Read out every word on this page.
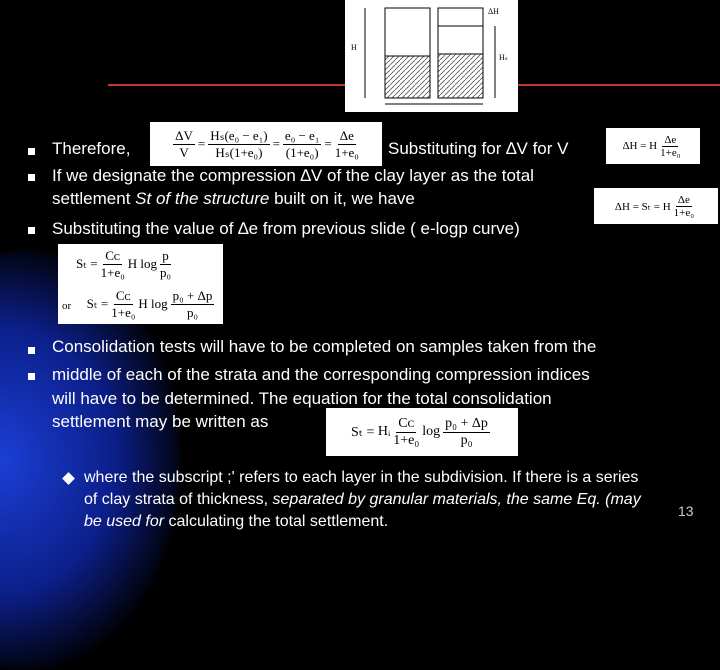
H
Hₛ
ΔH
Therefore,	Substituting for ∆V for V
If we designate the compression ∆V of the clay layer as the total
settlement St of the structure built on it, we have
Substituting the value of ∆e from previous slide ( e-logp curve)
Consolidation tests will have to be completed on samples taken from the
middle of each of the strata and the corresponding compression indices
will have to be determined. The equation for the total consolidation
settlement may be written as
$\frac{\Delta V}{V} = \frac{\text{Hₛ(e₀ − e₁)}}{\text{Hₛ(1+e₀)}} = \frac{\text{e₀ − e₁}}{\text{(1+e₀)}} = \frac{\Delta e}{\text{1+e₀}}$	ΔH = H $\frac{\Delta e}{\text{1+e₀}}$
ΔH = Sₜ = H $\frac{\Delta e}{\text{1+e₀}}$
$S_t = \frac{\text{Cᴄ}}{\text{1+e₀}}$ H $\log \frac{p}{\text{p₀}}$
or $S_t = \frac{\text{Cᴄ}}{\text{1+e₀}}$ H $\log \frac{\text{p₀ + Δp}}{\text{p₀}}$
Sₜ =
Hᵢ $\frac{\text{Cᴄ}}{\text{1+e₀}}$ $\log \frac{\text{p₀ + Δp}}{\text{p₀}}$
where the subscript ;' refers to each layer in the subdivision. If there is a series
of clay strata of thickness, separated by granular materials, the same Eq. (may
be used for calculating the total settlement.
13
